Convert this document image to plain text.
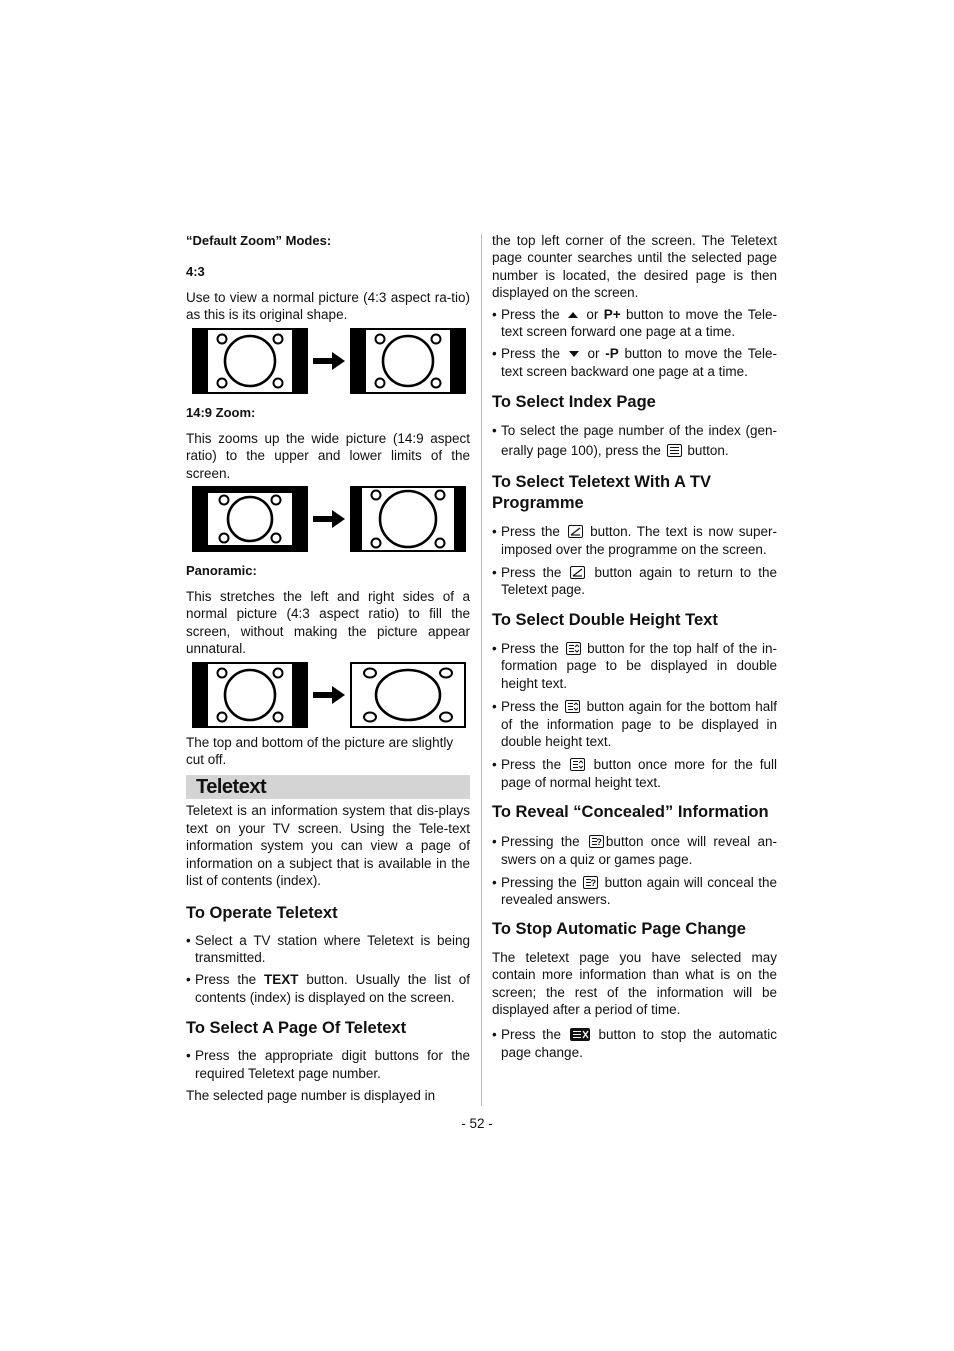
“Default Zoom” Modes:

4:3

Use to view a normal picture (4:3 aspect ra-tio) as this is its original shape.

14:9 Zoom:

This zooms up the wide picture (14:9 aspect ratio) to the upper and lower limits of the screen.

Panoramic:

This stretches the left and right sides of a normal picture (4:3 aspect ratio) to fill the screen, without making the picture appear unnatural.

The top and bottom of the picture are slightly cut off.

Teletext

Teletext is an information system that dis-plays text on your TV screen. Using the Tele-text information system you can view a page of information on a subject that is available in the list of contents (index).

To Operate Teletext

• Select a TV station where Teletext is being transmitted.

• Press the TEXT button. Usually the list of contents (index) is displayed on the screen.

To Select A Page Of Teletext

• Press the appropriate digit buttons for the required Teletext page number.

The selected page number is displayed in

the top left corner of the screen. The Teletext page counter searches until the selected page number is located, the desired page is then displayed on the screen.

• Press the  or P+ button to move the Tele-text screen forward one page at a time.

• Press the  or -P button to move the Tele-text screen backward one page at a time.

To Select Index Page

• To select the page number of the index (gen-erally page 100), press the
button.

To Select Teletext With A TV Programme

• Press the
button. The text is now super-imposed over the programme on the screen.

• Press the
button again to return to the Teletext page.

To Select Double Height Text

• Press the
button for the top half of the in-formation page to be displayed in double height text.

• Press the
button again for the bottom half of the information page to be displayed in double height text.

• Press the
button once more for the full page of normal height text.

To Reveal “Concealed” Information

• Pressing the ? button once will reveal an-swers on a quiz or games page.

• Pressing the ? button again will conceal the revealed answers.

To Stop Automatic Page Change

The teletext page you have selected may contain more information than what is on the screen; the rest of the information will be displayed after a period of time.

• Press the
button to stop the automatic page change.

- 52 -
